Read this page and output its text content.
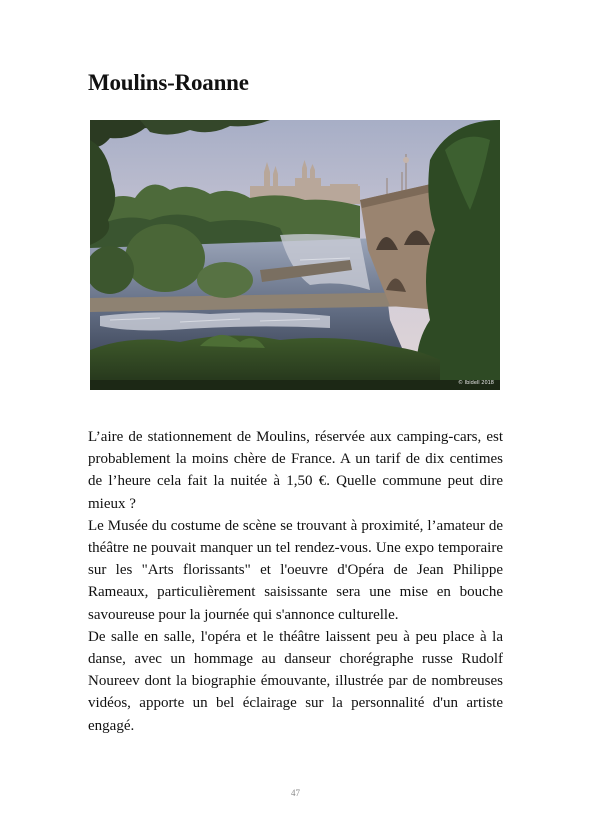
Moulins-Roanne
© Ibidell 2018

L’aire de stationnement de Moulins, réservée aux camping-cars, est probablement la moins chère de France. A un tarif de dix centimes de l’heure cela fait la nuitée à 1,50 €. Quelle commune peut dire mieux ?

Le Musée du costume de scène se trouvant à proximité, l’amateur de théâtre ne pouvait manquer un tel rendez-vous. Une expo temporaire sur les "Arts florissants" et l'oeuvre d'Opéra de Jean Philippe Rameaux, particulièrement saisissante sera une mise en bouche savoureuse pour la journée qui s'annonce culturelle.

De salle en salle, l'opéra et le théâtre laissent peu à peu place à la danse, avec un hommage au danseur chorégraphe russe Rudolf Noureev dont la biographie émouvante, illustrée par de nombreuses vidéos, apporte un bel éclairage sur la personnalité d'un artiste engagé.

47
